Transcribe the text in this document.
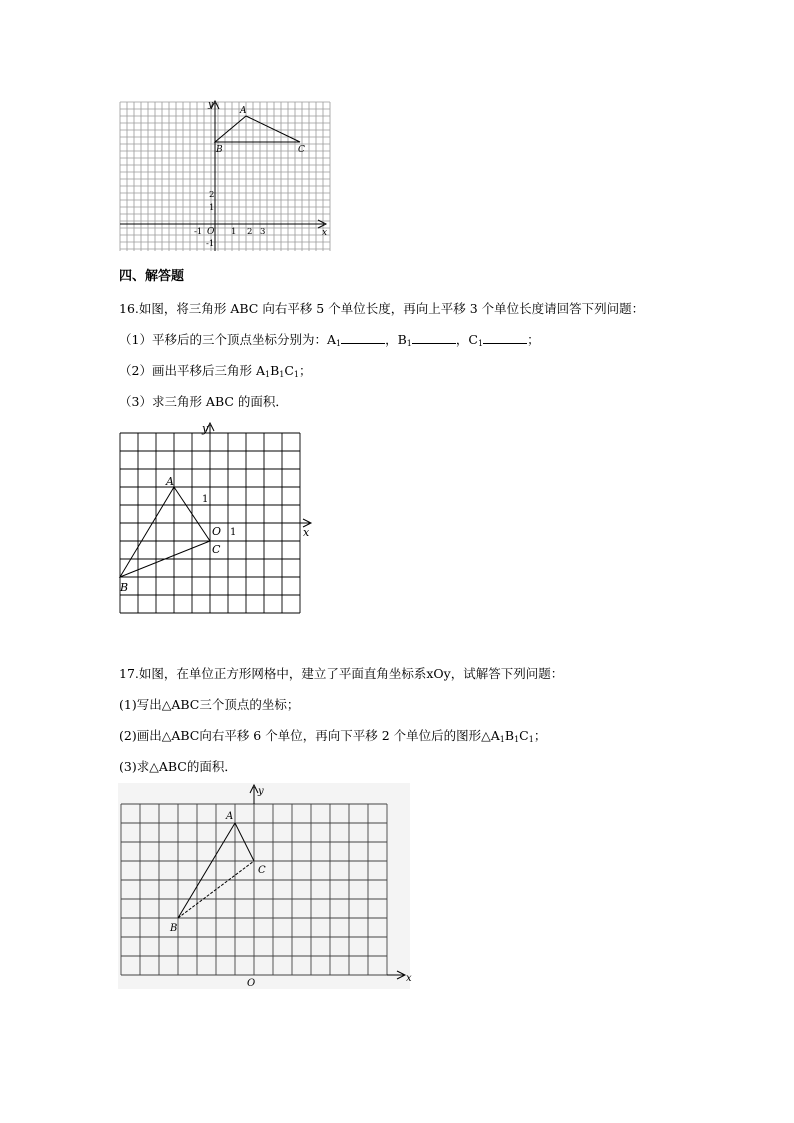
y
x
O
A
B	C
-1	1 2 3
2
1
-1
四、解答题
16.如图，将三角形 ABC 向右平移 5 个单位长度，再向上平移 3 个单位长度请回答下列问题：
（1）平移后的三个顶点坐标分别为：$A_1$	，$B_1$	，$C_1$	；
（2）画出平移后三角形 $A_1B_1C_1$；
（3）求三角形 ABC 的面积．
y
x
O
A
B
C
1
1
17.如图，在单位正方形网格中，建立了平面直角坐标系xOy，试解答下列问题：
(1)写出△ABC三个顶点的坐标；
(2)画出△ABC向右平移 6 个单位，再向下平移 2 个单位后的图形$\triangle A_1B_1C_1$；
(3)求△ABC的面积．
y
x
O
A
B
C
